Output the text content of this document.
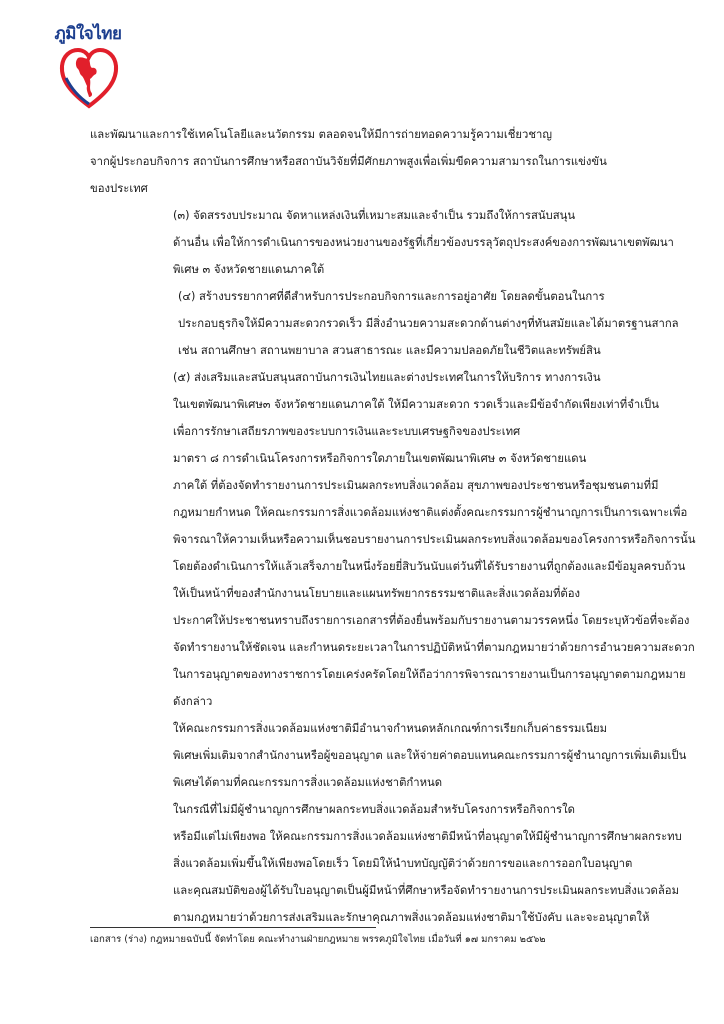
ภูมิใจไทย

และพัฒนาและการใช้เทคโนโลยีและนวัตกรรม ตลอดจนให้มีการถ่ายทอดความรู้ความเชี่ยวชาญ
จากผู้ประกอบกิจการ สถาบันการศึกษาหรือสถาบันวิจัยที่มีศักยภาพสูงเพื่อเพิ่มขีดความสามารถในการแข่งขัน
ของประเทศ

(๓) จัดสรรงบประมาณ จัดหาแหล่งเงินที่เหมาะสมและจำเป็น รวมถึงให้การสนับสนุน
ด้านอื่น เพื่อให้การดำเนินการของหน่วยงานของรัฐที่เกี่ยวข้องบรรลุวัตถุประสงค์ของการพัฒนาเขตพัฒนา
พิเศษ ๓ จังหวัดชายแดนภาคใต้

(๔) สร้างบรรยากาศที่ดีสำหรับการประกอบกิจการและการอยู่อาศัย โดยลดขั้นตอนในการ
ประกอบธุรกิจให้มีความสะดวกรวดเร็ว มีสิ่งอำนวยความสะดวกด้านต่างๆที่ทันสมัยและได้มาตรฐานสากล
เช่น สถานศึกษา สถานพยาบาล สวนสาธารณะ และมีความปลอดภัยในชีวิตและทรัพย์สิน

(๕) ส่งเสริมและสนับสนุนสถาบันการเงินไทยและต่างประเทศในการให้บริการ ทางการเงิน
ในเขตพัฒนาพิเศษ๓ จังหวัดชายแดนภาคใต้ ให้มีความสะดวก รวดเร็วและมีข้อจำกัดเพียงเท่าที่จำเป็น
เพื่อการรักษาเสถียรภาพของระบบการเงินและระบบเศรษฐกิจของประเทศ

มาตรา ๘ การดำเนินโครงการหรือกิจการใดภายในเขตพัฒนาพิเศษ ๓ จังหวัดชายแดน
ภาคใต้ ที่ต้องจัดทำรายงานการประเมินผลกระทบสิ่งแวดล้อม สุขภาพของประชาชนหรือชุมชนตามที่มี
กฎหมายกำหนด ให้คณะกรรมการสิ่งแวดล้อมแห่งชาติแต่งตั้งคณะกรรมการผู้ชำนาญการเป็นการเฉพาะเพื่อ
พิจารณาให้ความเห็นหรือความเห็นชอบรายงานการประเมินผลกระทบสิ่งแวดล้อมของโครงการหรือกิจการนั้น
โดยต้องดำเนินการให้แล้วเสร็จภายในหนึ่งร้อยยี่สิบวันนับแต่วันที่ได้รับรายงานที่ถูกต้องและมีข้อมูลครบถ้วน

ให้เป็นหน้าที่ของสำนักงานนโยบายและแผนทรัพยากรธรรมชาติและสิ่งแวดล้อมที่ต้อง
ประกาศให้ประชาชนทราบถึงรายการเอกสารที่ต้องยื่นพร้อมกับรายงานตามวรรคหนึ่ง โดยระบุหัวข้อที่จะต้อง
จัดทำรายงานให้ชัดเจน และกำหนดระยะเวลาในการปฏิบัติหน้าที่ตามกฎหมายว่าด้วยการอำนวยความสะดวก
ในการอนุญาตของทางราชการโดยเคร่งครัดโดยให้ถือว่าการพิจารณารายงานเป็นการอนุญาตตามกฎหมาย
ดังกล่าว

ให้คณะกรรมการสิ่งแวดล้อมแห่งชาติมีอำนาจกำหนดหลักเกณฑ์การเรียกเก็บค่าธรรมเนียม
พิเศษเพิ่มเติมจากสำนักงานหรือผู้ขออนุญาต และให้จ่ายค่าตอบแทนคณะกรรมการผู้ชำนาญการเพิ่มเติมเป็น
พิเศษได้ตามที่คณะกรรมการสิ่งแวดล้อมแห่งชาติกำหนด

ในกรณีที่ไม่มีผู้ชำนาญการศึกษาผลกระทบสิ่งแวดล้อมสำหรับโครงการหรือกิจการใด
หรือมีแต่ไม่เพียงพอ ให้คณะกรรมการสิ่งแวดล้อมแห่งชาติมีหน้าที่อนุญาตให้มีผู้ชำนาญการศึกษาผลกระทบ
สิ่งแวดล้อมเพิ่มขึ้นให้เพียงพอโดยเร็ว โดยมิให้นำบทบัญญัติว่าด้วยการขอและการออกใบอนุญาต
และคุณสมบัติของผู้ได้รับใบอนุญาตเป็นผู้มีหน้าที่ศึกษาหรือจัดทำรายงานการประเมินผลกระทบสิ่งแวดล้อม
ตามกฎหมายว่าด้วยการส่งเสริมและรักษาคุณภาพสิ่งแวดล้อมแห่งชาติมาใช้บังคับ และจะอนุญาตให้

เอกสาร (ร่าง) กฎหมายฉบับนี้ จัดทำโดย คณะทำงานฝ่ายกฎหมาย พรรคภูมิใจไทย เมื่อวันที่ ๑๗ มกราคม ๒๕๖๒
